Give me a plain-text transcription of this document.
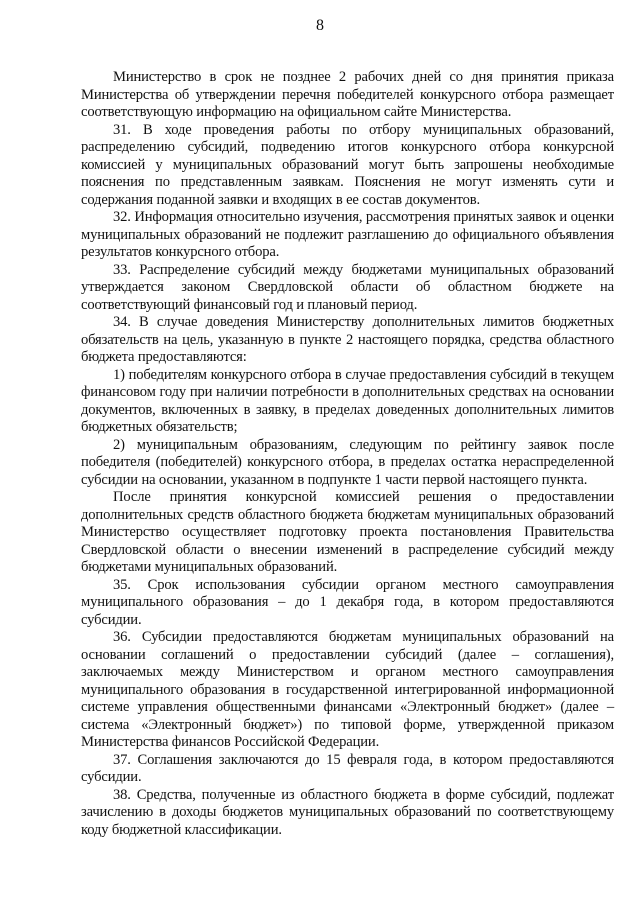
8

Министерство в срок не позднее 2 рабочих дней со дня принятия приказа Министерства об утверждении перечня победителей конкурсного отбора размещает соответствующую информацию на официальном сайте Министерства.

31. В ходе проведения работы по отбору муниципальных образований, распределению субсидий, подведению итогов конкурсного отбора конкурсной комиссией у муниципальных образований могут быть запрошены необходимые пояснения по представленным заявкам. Пояснения не могут изменять сути и содержания поданной заявки и входящих в ее состав документов.

32. Информация относительно изучения, рассмотрения принятых заявок и оценки муниципальных образований не подлежит разглашению до официального объявления результатов конкурсного отбора.

33. Распределение субсидий между бюджетами муниципальных образований утверждается законом Свердловской области об областном бюджете на соответствующий финансовый год и плановый период.

34. В случае доведения Министерству дополнительных лимитов бюджетных обязательств на цель, указанную в пункте 2 настоящего порядка, средства областного бюджета предоставляются:

1) победителям конкурсного отбора в случае предоставления субсидий в текущем финансовом году при наличии потребности в дополнительных средствах на основании документов, включенных в заявку, в пределах доведенных дополнительных лимитов бюджетных обязательств;

2) муниципальным образованиям, следующим по рейтингу заявок после победителя (победителей) конкурсного отбора, в пределах остатка нераспределенной субсидии на основании, указанном в подпункте 1 части первой настоящего пункта.

После принятия конкурсной комиссией решения о предоставлении дополнительных средств областного бюджета бюджетам муниципальных образований Министерство осуществляет подготовку проекта постановления Правительства Свердловской области о внесении изменений в распределение субсидий между бюджетами муниципальных образований.

35. Срок использования субсидии органом местного самоуправления муниципального образования – до 1 декабря года, в котором предоставляются субсидии.

36. Субсидии предоставляются бюджетам муниципальных образований на основании соглашений о предоставлении субсидий (далее – соглашения), заключаемых между Министерством и органом местного самоуправления муниципального образования в государственной интегрированной информационной системе управления общественными финансами «Электронный бюджет» (далее – система «Электронный бюджет») по типовой форме, утвержденной приказом Министерства финансов Российской Федерации.

37. Соглашения заключаются до 15 февраля года, в котором предоставляются субсидии.

38. Средства, полученные из областного бюджета в форме субсидий, подлежат зачислению в доходы бюджетов муниципальных образований по соответствующему коду бюджетной классификации.
